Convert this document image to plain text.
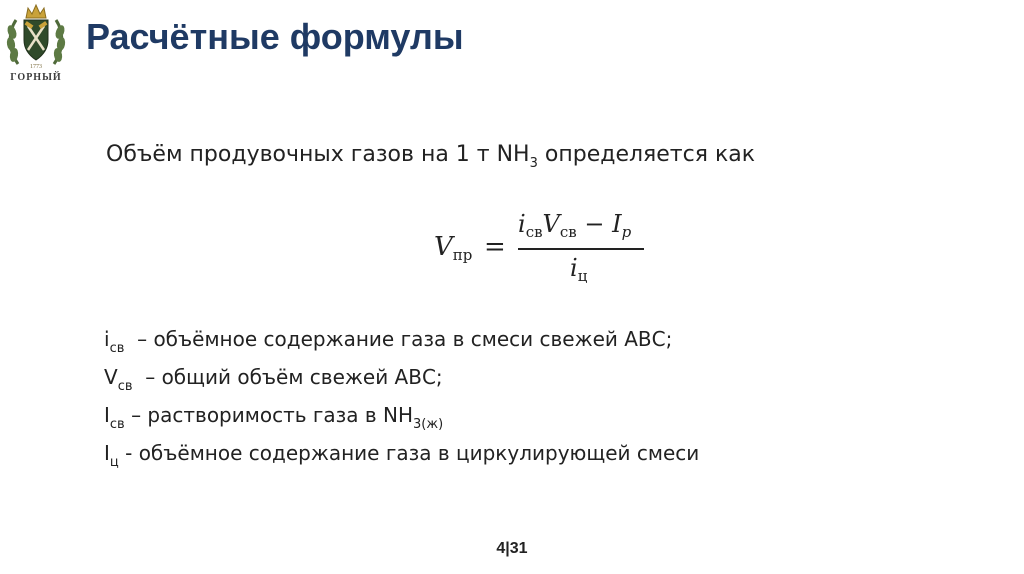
1773
ГОРНЫЙ
Расчётные формулы
Объём продувочных газов на 1 т $NH_3$ определяется как
Vпр =
$i_{св}V_{св} - I_p$
$i_ц$
$i_{св}$  – объёмное содержание газа в смеси свежей АВС;
$V_{св}$  – общий объём свежей АВС;
$I_{св}$ – растворимость газа в $NH_{3(ж)}$
$I_ц$ - объёмное содержание газа в циркулирующей смеси
4|31
